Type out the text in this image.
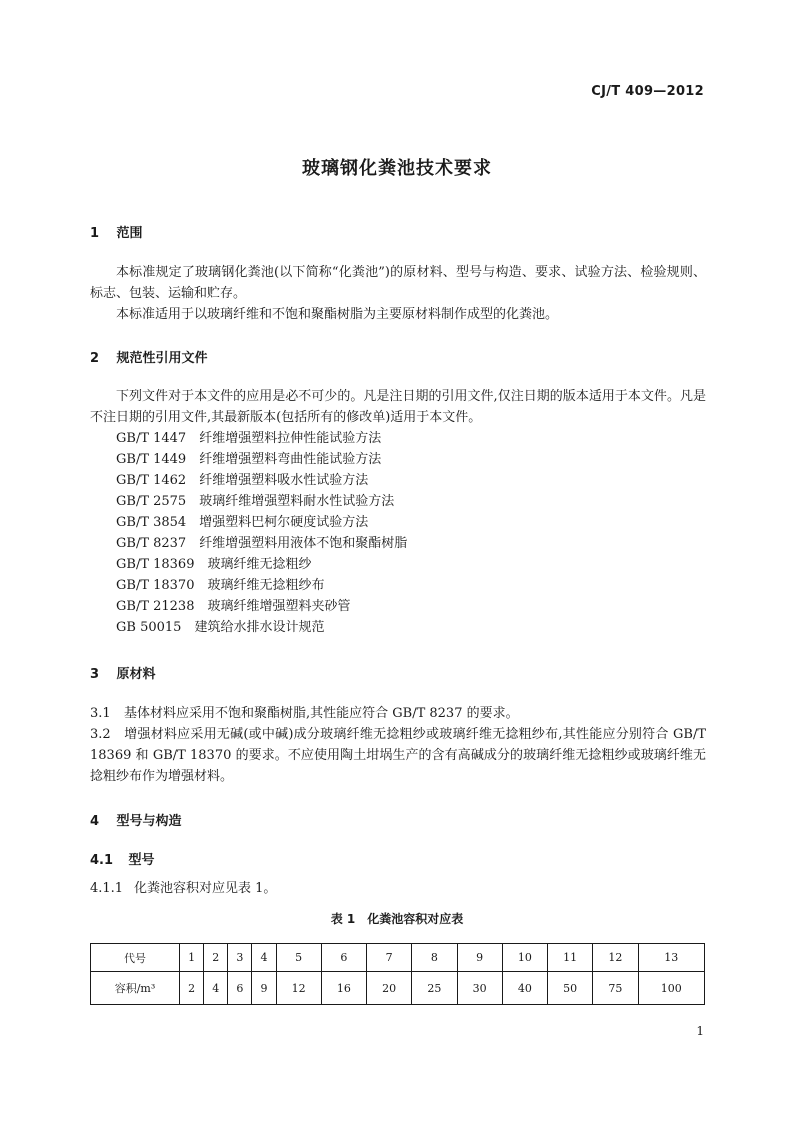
CJ/T 409—2012
玻璃钢化粪池技术要求
1 范围

本标准规定了玻璃钢化粪池(以下简称“化粪池”)的原材料、型号与构造、要求、试验方法、检验规则、标志、包装、运输和贮存。

本标准适用于以玻璃纤维和不饱和聚酯树脂为主要原材料制作成型的化粪池。

2 规范性引用文件

下列文件对于本文件的应用是必不可少的。凡是注日期的引用文件,仅注日期的版本适用于本文件。凡是不注日期的引用文件,其最新版本(包括所有的修改单)适用于本文件。

GB/T 1447　 纤维增强塑料拉伸性能试验方法

GB/T 1449　 纤维增强塑料弯曲性能试验方法

GB/T 1462　 纤维增强塑料吸水性试验方法

GB/T 2575　 玻璃纤维增强塑料耐水性试验方法

GB/T 3854　 增强塑料巴柯尔硬度试验方法

GB/T 8237　 纤维增强塑料用液体不饱和聚酯树脂

GB/T 18369　 玻璃纤维无捻粗纱

GB/T 18370　 玻璃纤维无捻粗纱布

GB/T 21238　 玻璃纤维增强塑料夹砂管

GB 50015　 建筑给水排水设计规范

3 原材料

3.1 基体材料应采用不饱和聚酯树脂,其性能应符合 GB/T 8237 的要求。

3.2 增强材料应采用无碱(或中碱)成分玻璃纤维无捻粗纱或玻璃纤维无捻粗纱布,其性能应分别符合 GB/T 18369 和 GB/T 18370 的要求。不应使用陶土坩埚生产的含有高碱成分的玻璃纤维无捻粗纱或玻璃纤维无捻粗纱布作为增强材料。

4 型号与构造
4.1 型号

4.1.1 化粪池容积对应见表 1。

表 1　化粪池容积对应表
代号	1	2	3	4	5	6	7	8	9	10	11	12	13
容积/m³	2	4	6	9	12	16	20	25	30	40	50	75	100
1
